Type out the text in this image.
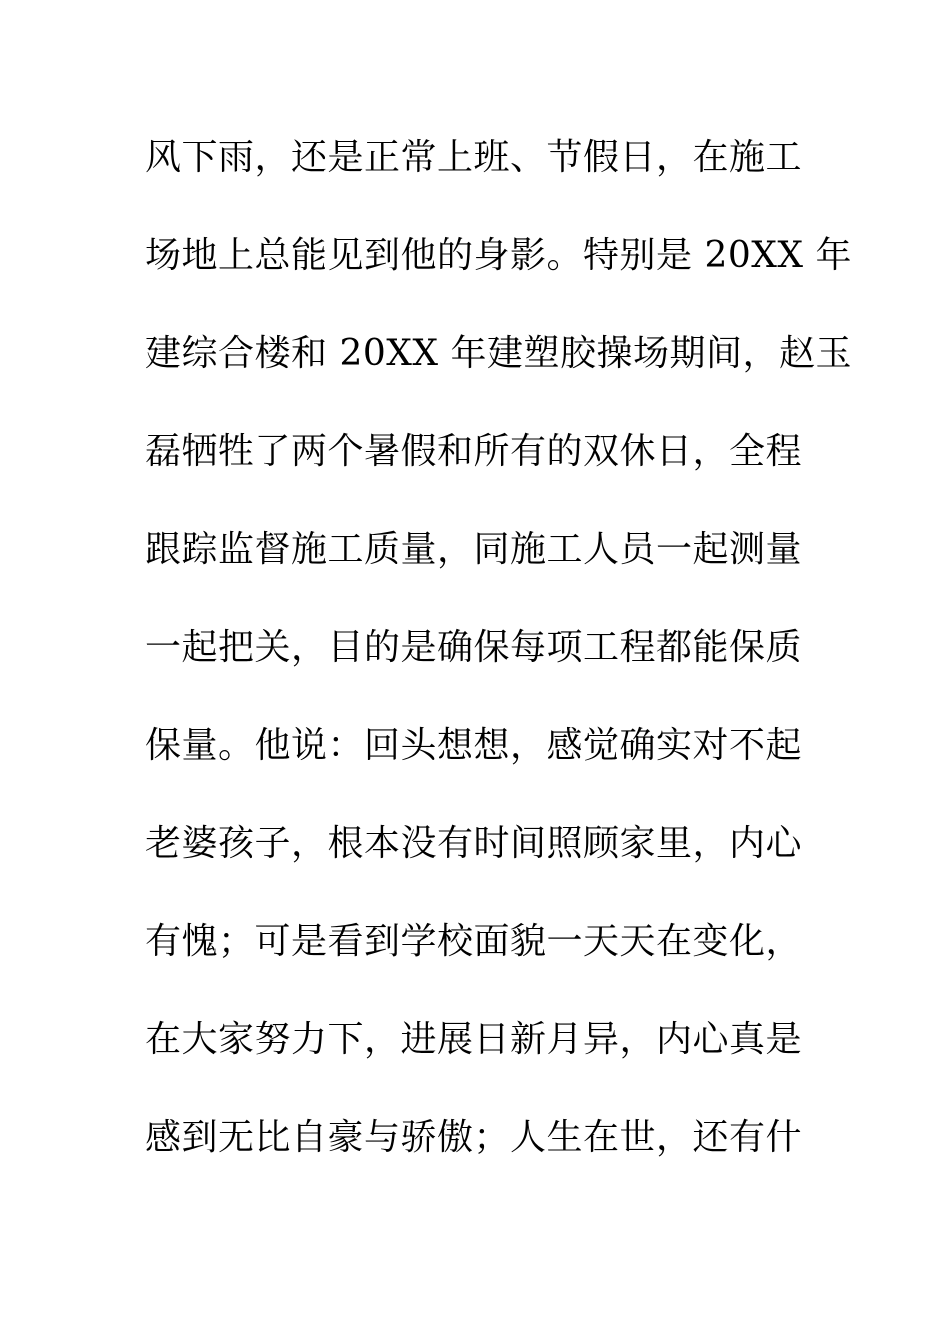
风下雨，还是正常上班、节假日，在施工
场地上总能见到他的身影。特别是 20XX 年
建综合楼和 20XX 年建塑胶操场期间，赵玉
磊牺牲了两个暑假和所有的双休日，全程
跟踪监督施工质量，同施工人员一起测量
一起把关，目的是确保每项工程都能保质
保量。他说：回头想想，感觉确实对不起
老婆孩子，根本没有时间照顾家里，内心
有愧；可是看到学校面貌一天天在变化，
在大家努力下，进展日新月异，内心真是
感到无比自豪与骄傲；人生在世，还有什
